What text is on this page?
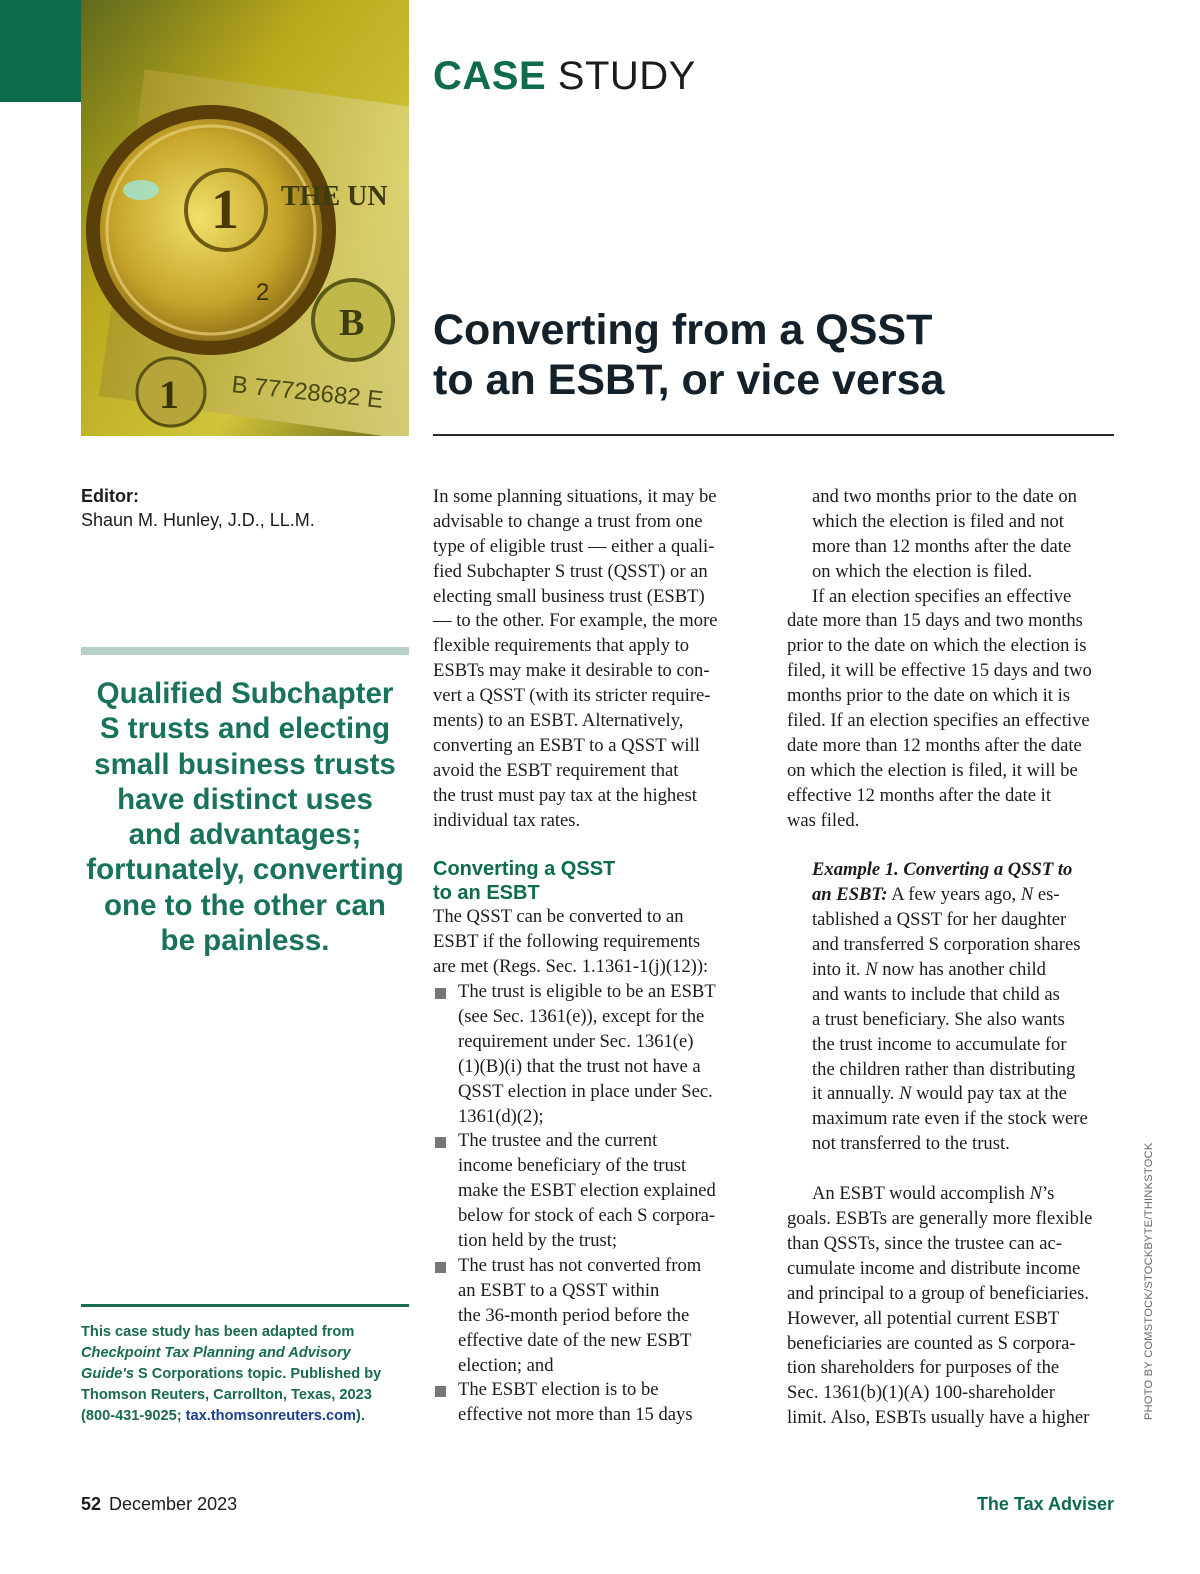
1 THE UN
2
B
B 77728682 E
1
CASE STUDY
Converting from a QSST
to an ESBT, or vice versa
Editor:
Shaun M. Hunley, J.D., LL.M.
Qualified Subchapter
S trusts and electing
small business trusts
have distinct uses
and advantages;
fortunately, converting
one to the other can
be painless.
This case study has been adapted from
Checkpoint Tax Planning and Advisory
Guide's S Corporations topic. Published by
Thomson Reuters, Carrollton, Texas, 2023
(800-431-9025; tax.thomsonreuters.com).
In some planning situations, it may be
advisable to change a trust from one
type of eligible trust — either a quali-
fied Subchapter S trust (QSST) or an
electing small business trust (ESBT)
— to the other. For example, the more
flexible requirements that apply to
ESBTs may make it desirable to con-
vert a QSST (with its stricter require-
ments) to an ESBT. Alternatively,
converting an ESBT to a QSST will
avoid the ESBT requirement that
the trust must pay tax at the highest
individual tax rates.
Converting a QSST
to an ESBT
The QSST can be converted to an
ESBT if the following requirements
are met (Regs. Sec. 1.1361-1(j)(12)):
The trust is eligible to be an ESBT
(see Sec. 1361(e)), except for the
requirement under Sec. 1361(e)
(1)(B)(i) that the trust not have a
QSST election in place under Sec.
1361(d)(2);
The trustee and the current
income beneficiary of the trust
make the ESBT election explained
below for stock of each S corpora-
tion held by the trust;
The trust has not converted from
an ESBT to a QSST within
the 36-month period before the
effective date of the new ESBT
election; and
The ESBT election is to be
effective not more than 15 days
and two months prior to the date on
which the election is filed and not
more than 12 months after the date
on which the election is filed.
If an election specifies an effective
date more than 15 days and two months
prior to the date on which the election is
filed, it will be effective 15 days and two
months prior to the date on which it is
filed. If an election specifies an effective
date more than 12 months after the date
on which the election is filed, it will be
effective 12 months after the date it
was filed.
Example 1. Converting a QSST to
an ESBT: A few years ago, N es-
tablished a QSST for her daughter
and transferred S corporation shares
into it. N now has another child
and wants to include that child as
a trust beneficiary. She also wants
the trust income to accumulate for
the children rather than distributing
it annually. N would pay tax at the
maximum rate even if the stock were
not transferred to the trust.
An ESBT would accomplish N’s
goals. ESBTs are generally more flexible
than QSSTs, since the trustee can ac-
cumulate income and distribute income
and principal to a group of beneficiaries.
However, all potential current ESBT
beneficiaries are counted as S corpora-
tion shareholders for purposes of the
Sec. 1361(b)(1)(A) 100-shareholder
limit. Also, ESBTs usually have a higher	PHOTO BY COMSTOCK/STOCKBYTE/THINKSTOCK
52 December 2023	The Tax Adviser
